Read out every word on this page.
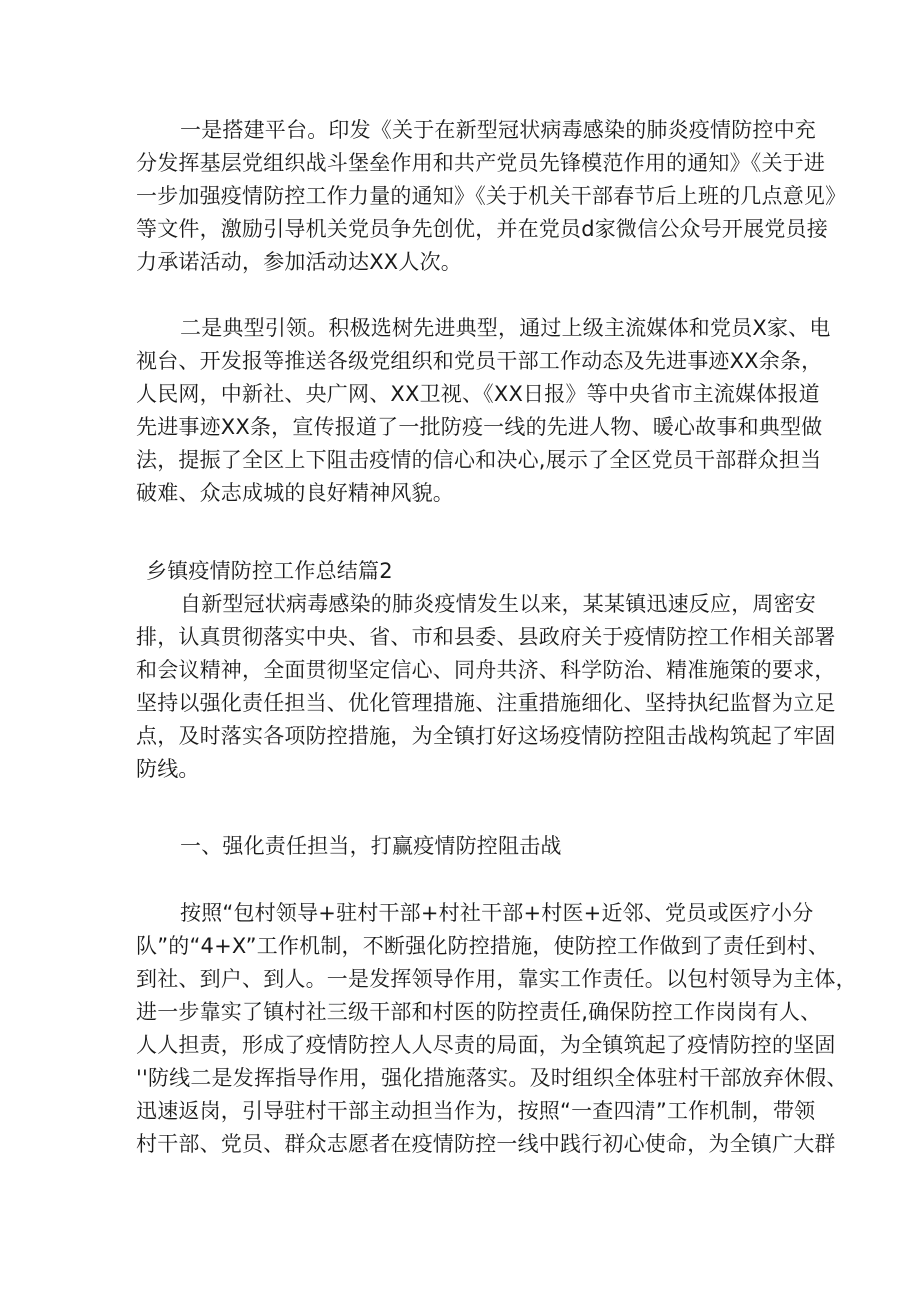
一是搭建平台。印发《关于在新型冠状病毒感染的肺炎疫情防控中充
分发挥基层党组织战斗堡垒作用和共产党员先锋模范作用的通知》《关于进
一步加强疫情防控工作力量的通知》《关于机关干部春节后上班的几点意见》
等文件，激励引导机关党员争先创优，并在党员d家微信公众号开展党员接
力承诺活动，参加活动达XX人次。
二是典型引领。积极选树先进典型，通过上级主流媒体和党员X家、电
视台、开发报等推送各级党组织和党员干部工作动态及先进事迹XX余条，
人民网，中新社、央广网、XX卫视、《XX日报》等中央省市主流媒体报道
先进事迹XX条，宣传报道了一批防疫一线的先进人物、暖心故事和典型做
法，提振了全区上下阻击疫情的信心和决心,展示了全区党员干部群众担当
破难、众志成城的良好精神风貌。
乡镇疫情防控工作总结篇2
自新型冠状病毒感染的肺炎疫情发生以来，某某镇迅速反应，周密安
排，认真贯彻落实中央、省、市和县委、县政府关于疫情防控工作相关部署
和会议精神，全面贯彻坚定信心、同舟共济、科学防治、精准施策的要求，
坚持以强化责任担当、优化管理措施、注重措施细化、坚持执纪监督为立足
点，及时落实各项防控措施，为全镇打好这场疫情防控阻击战构筑起了牢固
防线。
一、强化责任担当，打赢疫情防控阻击战
按照“包村领导+驻村干部+村社干部+村医+近邻、党员或医疗小分
队”的“4+X”工作机制，不断强化防控措施，使防控工作做到了责任到村、
到社、到户、到人。一是发挥领导作用，靠实工作责任。以包村领导为主体，
进一步靠实了镇村社三级干部和村医的防控责任,确保防控工作岗岗有人、
人人担责，形成了疫情防控人人尽责的局面，为全镇筑起了疫情防控的坚固
''防线二是发挥指导作用，强化措施落实。及时组织全体驻村干部放弃休假、
迅速返岗，引导驻村干部主动担当作为，按照“一查四清”工作机制，带领
村干部、党员、群众志愿者在疫情防控一线中践行初心使命，为全镇广大群
